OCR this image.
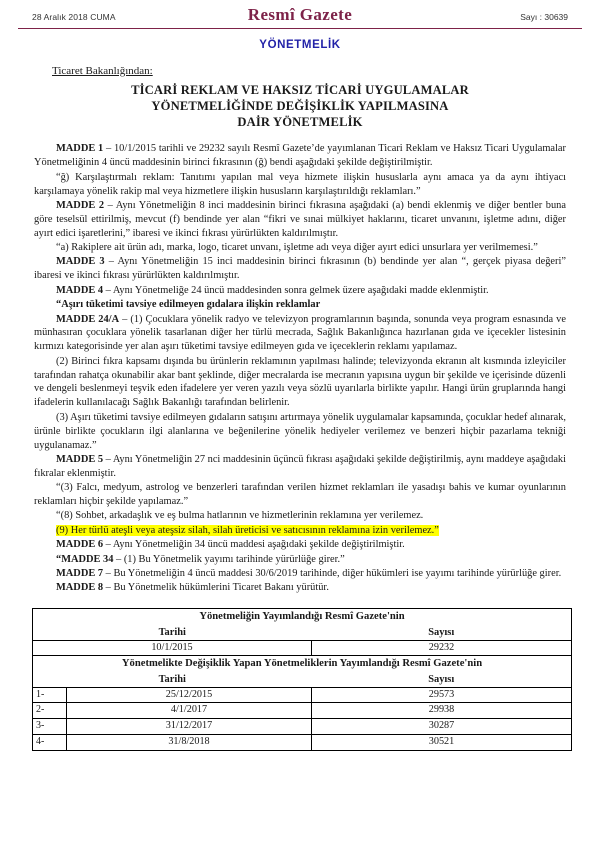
28 Aralık 2018 CUMA	Resmî Gazete	Sayı : 30639
YÖNETMELİK
Ticaret Bakanlığından:
TİCARİ REKLAM VE HAKSIZ TİCARİ UYGULAMALAR
YÖNETMELİĞİNDE DEĞİŞİKLİK YAPILMASINA
DAİR YÖNETMELİK

MADDE 1 – 10/1/2015 tarihli ve 29232 sayılı Resmî Gazete’de yayımlanan Ticari Reklam ve Haksız Ticari Uygulamalar Yönetmeliğinin 4 üncü maddesinin birinci fıkrasının (ğ) bendi aşağıdaki şekilde değiştirilmiştir.

“ğ) Karşılaştırmalı reklam: Tanıtımı yapılan mal veya hizmete ilişkin hususlarla aynı amaca ya da aynı ihtiyacı karşılamaya yönelik rakip mal veya hizmetlere ilişkin hususların karşılaştırıldığı reklamları.”

MADDE 2 – Aynı Yönetmeliğin 8 inci maddesinin birinci fıkrasına aşağıdaki (a) bendi eklenmiş ve diğer bentler buna göre teselsül ettirilmiş, mevcut (f) bendinde yer alan “fikri ve sınai mülkiyet haklarını, ticaret unvanını, işletme adını, diğer ayırt edici işaretlerini,” ibaresi ve ikinci fıkrası yürürlükten kaldırılmıştır.

“a) Rakiplere ait ürün adı, marka, logo, ticaret unvanı, işletme adı veya diğer ayırt edici unsurlara yer verilmemesi.”

MADDE 3 – Aynı Yönetmeliğin 15 inci maddesinin birinci fıkrasının (b) bendinde yer alan “, gerçek piyasa değeri” ibaresi ve ikinci fıkrası yürürlükten kaldırılmıştır.

MADDE 4 – Aynı Yönetmeliğe 24 üncü maddesinden sonra gelmek üzere aşağıdaki madde eklenmiştir.

“Aşırı tüketimi tavsiye edilmeyen gıdalara ilişkin reklamlar

MADDE 24/A – (1) Çocuklara yönelik radyo ve televizyon programlarının başında, sonunda veya program esnasında ve münhasıran çocuklara yönelik tasarlanan diğer her türlü mecrada, Sağlık Bakanlığınca hazırlanan gıda ve içecekler listesinin kırmızı kategorisinde yer alan aşırı tüketimi tavsiye edilmeyen gıda ve içeceklerin reklamı yapılamaz.

(2) Birinci fıkra kapsamı dışında bu ürünlerin reklamının yapılması halinde; televizyonda ekranın alt kısmında izleyiciler tarafından rahatça okunabilir akar bant şeklinde, diğer mecralarda ise mecranın yapısına uygun bir şekilde ve içerisinde düzenli ve dengeli beslenmeyi teşvik eden ifadelere yer veren yazılı veya sözlü uyarılarla birlikte yapılır. Hangi ürün gruplarında hangi ifadelerin kullanılacağı Sağlık Bakanlığı tarafından belirlenir.

(3) Aşırı tüketimi tavsiye edilmeyen gıdaların satışını artırmaya yönelik uygulamalar kapsamında, çocuklar hedef alınarak, ürünle birlikte çocukların ilgi alanlarına ve beğenilerine yönelik hediyeler verilemez ve benzeri hiçbir pazarlama tekniği uygulanamaz.”

MADDE 5 – Aynı Yönetmeliğin 27 nci maddesinin üçüncü fıkrası aşağıdaki şekilde değiştirilmiş, aynı maddeye aşağıdaki fıkralar eklenmiştir.

“(3) Falcı, medyum, astrolog ve benzerleri tarafından verilen hizmet reklamları ile yasadışı bahis ve kumar oyunlarının reklamları hiçbir şekilde yapılamaz.”

“(8) Sohbet, arkadaşlık ve eş bulma hatlarının ve hizmetlerinin reklamına yer verilemez.

(9) Her türlü ateşli veya ateşsiz silah, silah üreticisi ve satıcısının reklamına izin verilemez.”

MADDE 6 – Aynı Yönetmeliğin 34 üncü maddesi aşağıdaki şekilde değiştirilmiştir.

“MADDE 34 – (1) Bu Yönetmelik yayımı tarihinde yürürlüğe girer.”

MADDE 7 – Bu Yönetmeliğin 4 üncü maddesi 30/6/2019 tarihinde, diğer hükümleri ise yayımı tarihinde yürürlüğe girer.

MADDE 8 – Bu Yönetmelik hükümlerini Ticaret Bakanı yürütür.

Yönetmeliğin Yayımlandığı Resmî Gazete'nin		
Tarihi		Sayısı
10/1/2015		29232
Yönetmelikte Değişiklik Yapan Yönetmeliklerin Yayımlandığı Resmî Gazete'nin		
Tarihi		Sayısı
1-	25/12/2015	29573
2-	4/1/2017	29938
3-	31/12/2017	30287
4-	31/8/2018	30521
